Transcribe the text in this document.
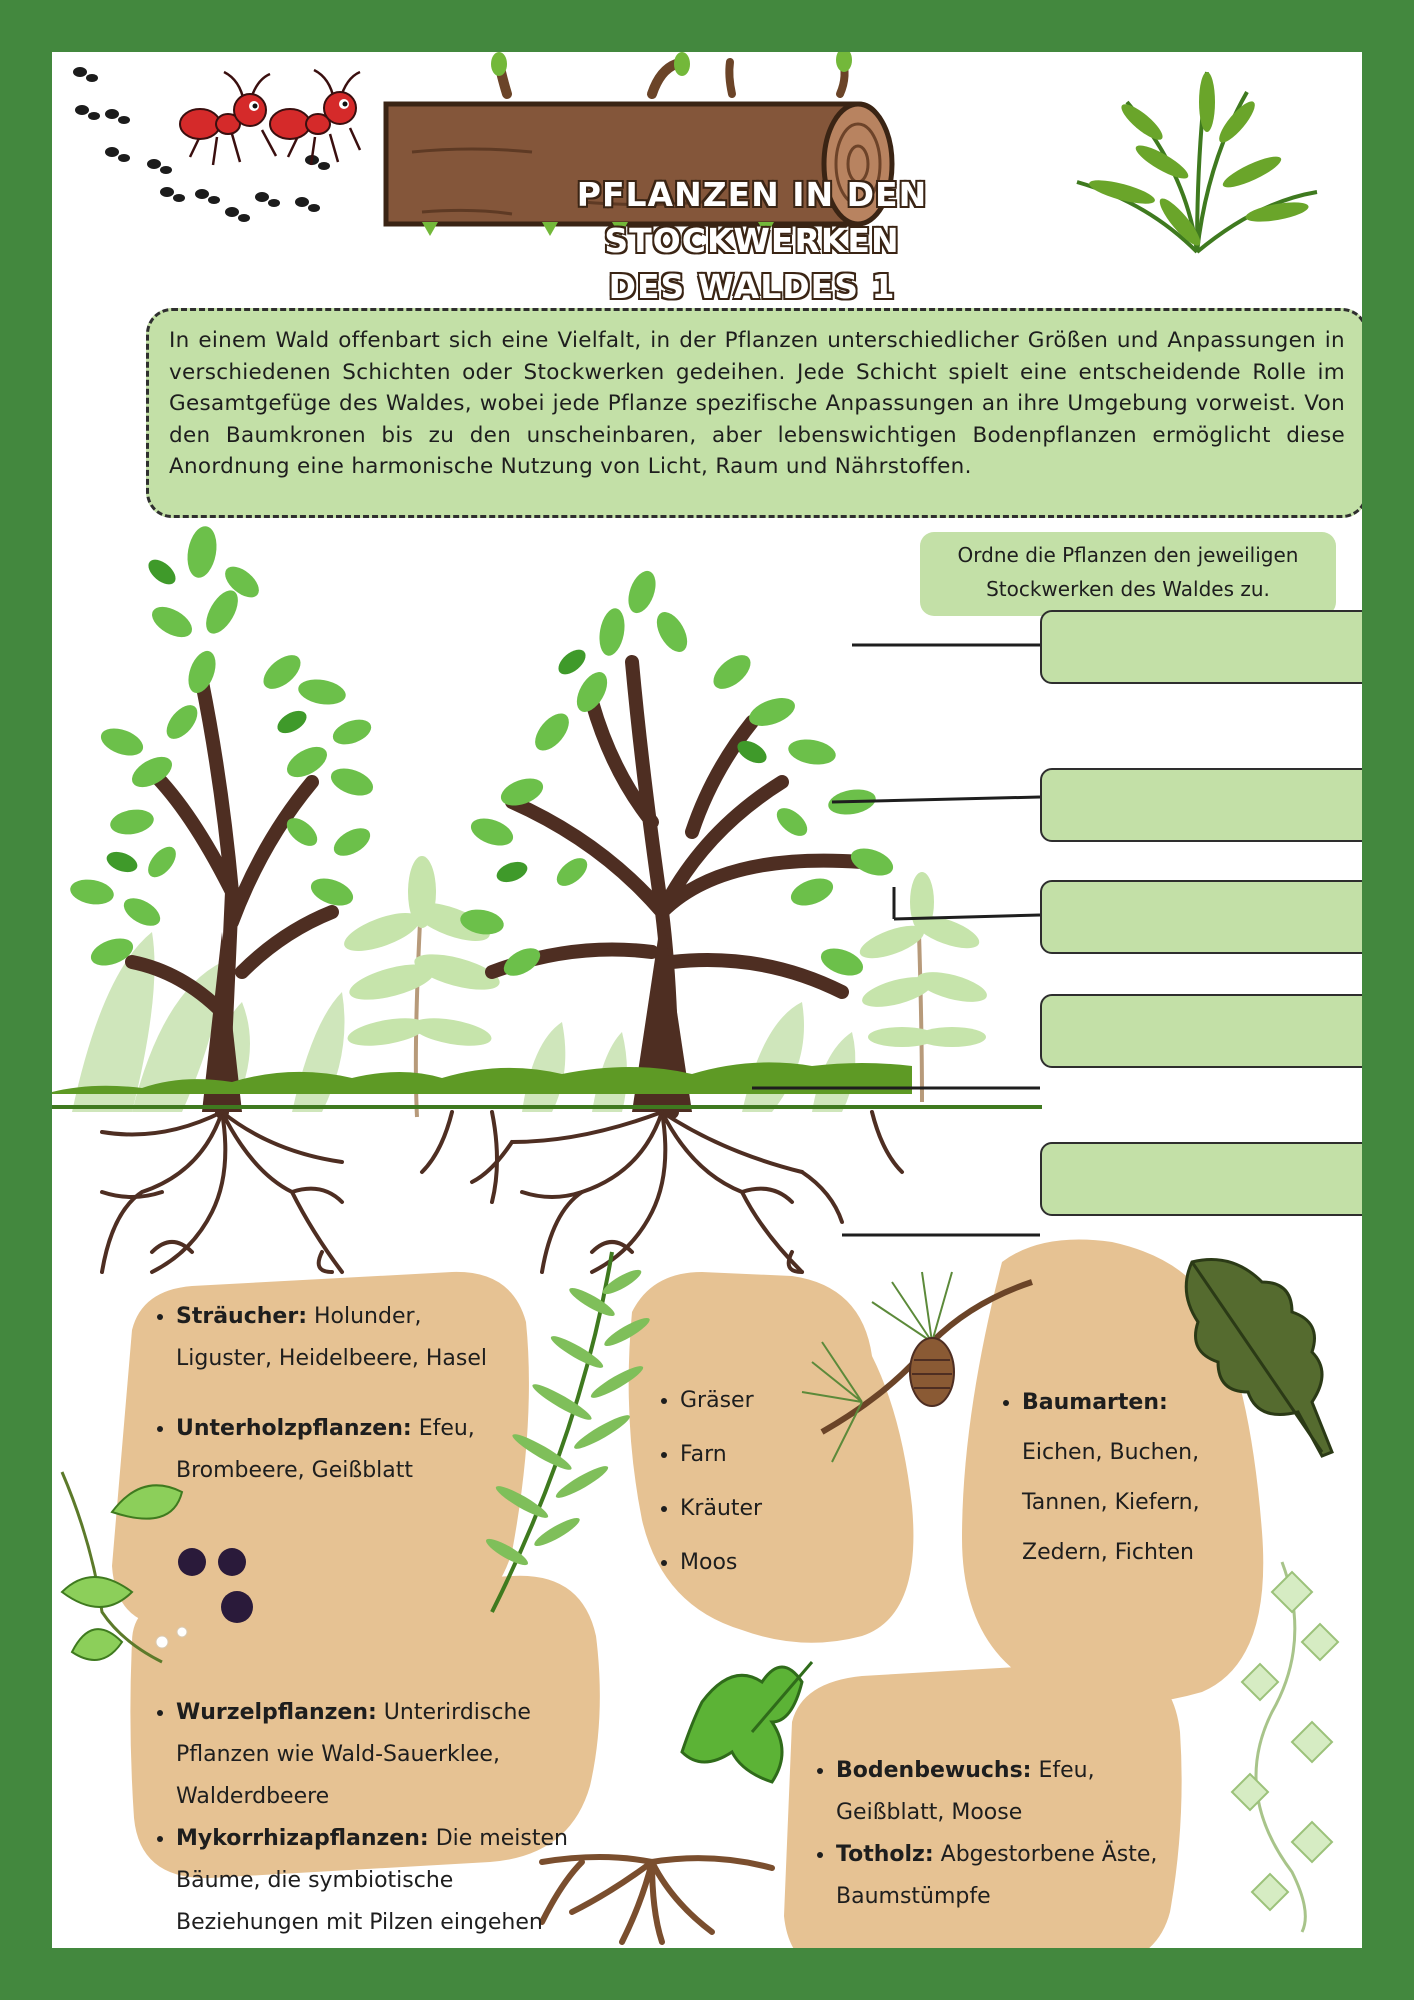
PFLANZEN IN DEN STOCKWERKEN
DES WALDES 1

In einem Wald offenbart sich eine Vielfalt, in der Pflanzen unterschiedlicher Größen und Anpassungen in verschiedenen Schichten oder Stockwerken gedeihen. Jede Schicht spielt eine entscheidende Rolle im Gesamtgefüge des Waldes, wobei jede Pflanze spezifische Anpassungen an ihre Umgebung vorweist. Von den Baumkronen bis zu den unscheinbaren, aber lebenswichtigen Bodenpflanzen ermöglicht diese Anordnung eine harmonische Nutzung von Licht, Raum und Nährstoffen.

Ordne die Pflanzen den jeweiligen
Stockwerken des Waldes zu.
• Sträucher: Holunder, Liguster, Heidelbeere, Hasel
• Unterholzpflanzen: Efeu, Brombeere, Geißblatt
• Gräser
• Farn
• Kräuter
• Moos
• Baumarten: Eichen, Buchen, Tannen, Kiefern, Zedern, Fichten
• Wurzelpflanzen: Unterirdische Pflanzen wie Wald-Sauerklee, Walderdbeere
• Mykorrhizapflanzen: Die meisten Bäume, die symbiotische Beziehungen mit Pilzen eingehen
• Bodenbewuchs: Efeu, Geißblatt, Moose
• Totholz: Abgestorbene Äste, Baumstümpfe
